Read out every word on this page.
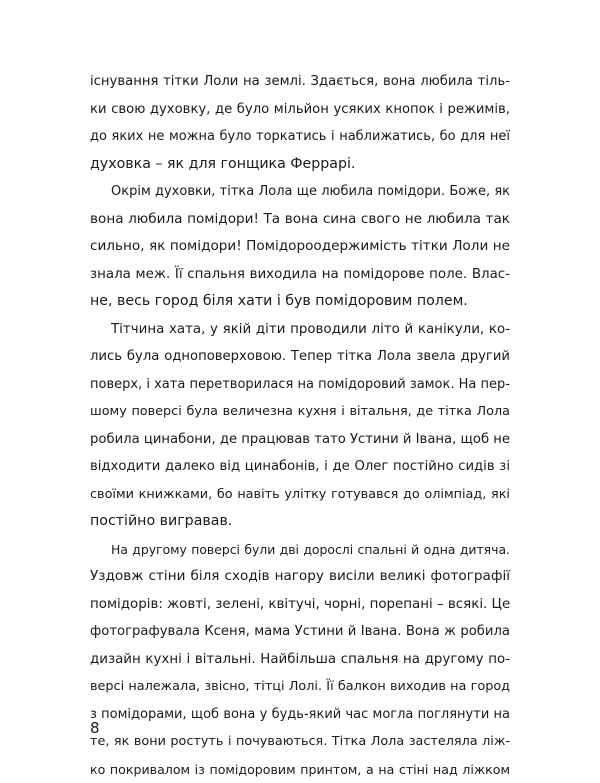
існування тітки Лоли на землі. Здається, вона любила тіль-
ки свою духовку, де було мільйон усяких кнопок і режимів,
до яких не можна було торкатись і наближатись, бо для неї
духовка – як для гонщика Феррарі.
Окрім духовки, тітка Лола ще любила помідори. Боже, як
вона любила помідори! Та вона сина свого не любила так
сильно, як помідори! Помідороодержимість тітки Лоли не
знала меж. Її спальня виходила на помідорове поле. Влас-
не, весь город біля хати і був помідоровим полем.
Тітчина хата, у якій діти проводили літо й канікули, ко-
лись була одноповерховою. Тепер тітка Лола звела другий
поверх, і хата перетворилася на помідоровий замок. На пер-
шому поверсі була величезна кухня і вітальня, де тітка Лола
робила цинабони, де працював тато Устини й Івана, щоб не
відходити далеко від цинабонів, і де Олег постійно сидів зі
своїми книжками, бо навіть улітку готувався до олімпіад, які
постійно вигравав.
На другому поверсі були дві дорослі спальні й одна дитяча.
Уздовж стіни біля сходів нагору висіли великі фотографії
помідорів: жовті, зелені, квітучі, чорні, порепані – всякі. Це
фотографувала Ксеня, мама Устини й Івана. Вона ж робила
дизайн кухні і вітальні. Найбільша спальня на другому по-
версі належала, звісно, тітці Лолі. Її балкон виходив на город
з помідорами, щоб вона у будь-який час могла поглянути на
те, як вони ростуть і почуваються. Тітка Лола застеляла ліж-
ко покривалом із помідоровим принтом, а на стіні над ліжком
8
